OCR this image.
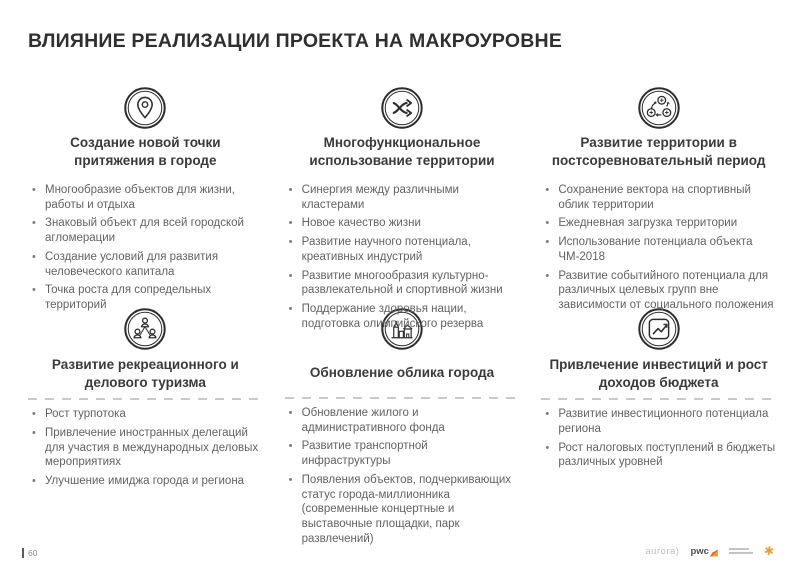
ВЛИЯНИЕ РЕАЛИЗАЦИИ ПРОЕКТА НА МАКРОУРОВНЕ
Создание новой точки притяжения в городе
• Многообразие объектов для жизни, работы и отдыха
• Знаковый объект для всей городской агломерации
• Создание условий для развития человеческого капитала
• Точка роста для сопредельных территорий
Многофункциональное использование территории
• Синергия между различными кластерами
• Новое качество жизни
• Развитие научного потенциала, креативных индустрий
• Развитие многообразия культурно-развлекательной и спортивной жизни
• Поддержание здоровья нации, подготовка олимпийского резерва
Развитие территории в постсоревновательный период
• Сохранение вектора на спортивный облик территории
• Ежедневная загрузка территории
• Использование потенциала объекта ЧМ-2018
• Развитие событийного потенциала для различных целевых групп вне зависимости от социального положения
Развитие рекреационного и делового туризма
• Рост турпотока
• Привлечение иностранных делегаций для участия в международных деловых мероприятиях
• Улучшение имиджа города и региона
Обновление облика города
• Обновление жилого и административного фонда
• Развитие транспортной инфраструктуры
• Появления объектов, подчеркивающих статус города-миллионника (современные концертные и выставочные площадки, парк развлечений)
Привлечение инвестиций и рост доходов бюджета
• Развитие инвестиционного потенциала региона
• Рост налоговых поступлений в бюджеты различных уровней
60	aurora) pwc	✱
